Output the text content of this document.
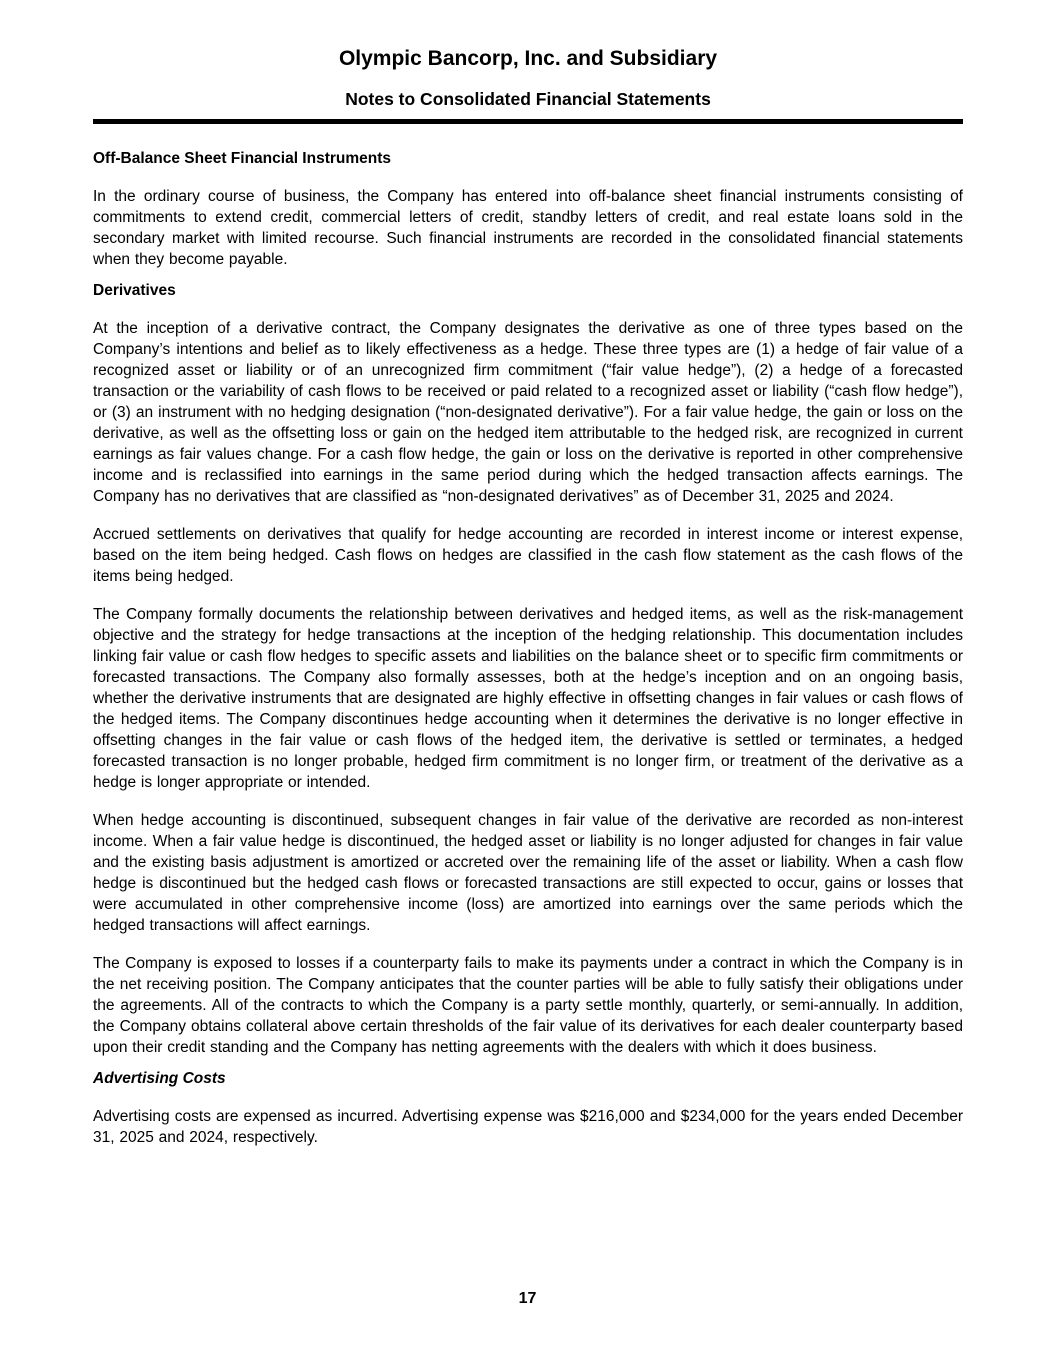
Olympic Bancorp, Inc. and Subsidiary
Notes to Consolidated Financial Statements
Off-Balance Sheet Financial Instruments

In the ordinary course of business, the Company has entered into off-balance sheet financial instruments consisting of commitments to extend credit, commercial letters of credit, standby letters of credit, and real estate loans sold in the secondary market with limited recourse. Such financial instruments are recorded in the consolidated financial statements when they become payable.

Derivatives

At the inception of a derivative contract, the Company designates the derivative as one of three types based on the Company’s intentions and belief as to likely effectiveness as a hedge. These three types are (1) a hedge of fair value of a recognized asset or liability or of an unrecognized firm commitment (“fair value hedge”), (2) a hedge of a forecasted transaction or the variability of cash flows to be received or paid related to a recognized asset or liability (“cash flow hedge”), or (3) an instrument with no hedging designation (“non-designated derivative”). For a fair value hedge, the gain or loss on the derivative, as well as the offsetting loss or gain on the hedged item attributable to the hedged risk, are recognized in current earnings as fair values change. For a cash flow hedge, the gain or loss on the derivative is reported in other comprehensive income and is reclassified into earnings in the same period during which the hedged transaction affects earnings. The Company has no derivatives that are classified as “non-designated derivatives” as of December 31, 2025 and 2024.

Accrued settlements on derivatives that qualify for hedge accounting are recorded in interest income or interest expense, based on the item being hedged. Cash flows on hedges are classified in the cash flow statement as the cash flows of the items being hedged.

The Company formally documents the relationship between derivatives and hedged items, as well as the risk-management objective and the strategy for hedge transactions at the inception of the hedging relationship. This documentation includes linking fair value or cash flow hedges to specific assets and liabilities on the balance sheet or to specific firm commitments or forecasted transactions. The Company also formally assesses, both at the hedge’s inception and on an ongoing basis, whether the derivative instruments that are designated are highly effective in offsetting changes in fair values or cash flows of the hedged items. The Company discontinues hedge accounting when it determines the derivative is no longer effective in offsetting changes in the fair value or cash flows of the hedged item, the derivative is settled or terminates, a hedged forecasted transaction is no longer probable, hedged firm commitment is no longer firm, or treatment of the derivative as a hedge is longer appropriate or intended.

When hedge accounting is discontinued, subsequent changes in fair value of the derivative are recorded as non-interest income. When a fair value hedge is discontinued, the hedged asset or liability is no longer adjusted for changes in fair value and the existing basis adjustment is amortized or accreted over the remaining life of the asset or liability. When a cash flow hedge is discontinued but the hedged cash flows or forecasted transactions are still expected to occur, gains or losses that were accumulated in other comprehensive income (loss) are amortized into earnings over the same periods which the hedged transactions will affect earnings.

The Company is exposed to losses if a counterparty fails to make its payments under a contract in which the Company is in the net receiving position. The Company anticipates that the counter parties will be able to fully satisfy their obligations under the agreements. All of the contracts to which the Company is a party settle monthly, quarterly, or semi-annually. In addition, the Company obtains collateral above certain thresholds of the fair value of its derivatives for each dealer counterparty based upon their credit standing and the Company has netting agreements with the dealers with which it does business.

Advertising Costs

Advertising costs are expensed as incurred. Advertising expense was $216,000 and $234,000 for the years ended December 31, 2025 and 2024, respectively.

17
